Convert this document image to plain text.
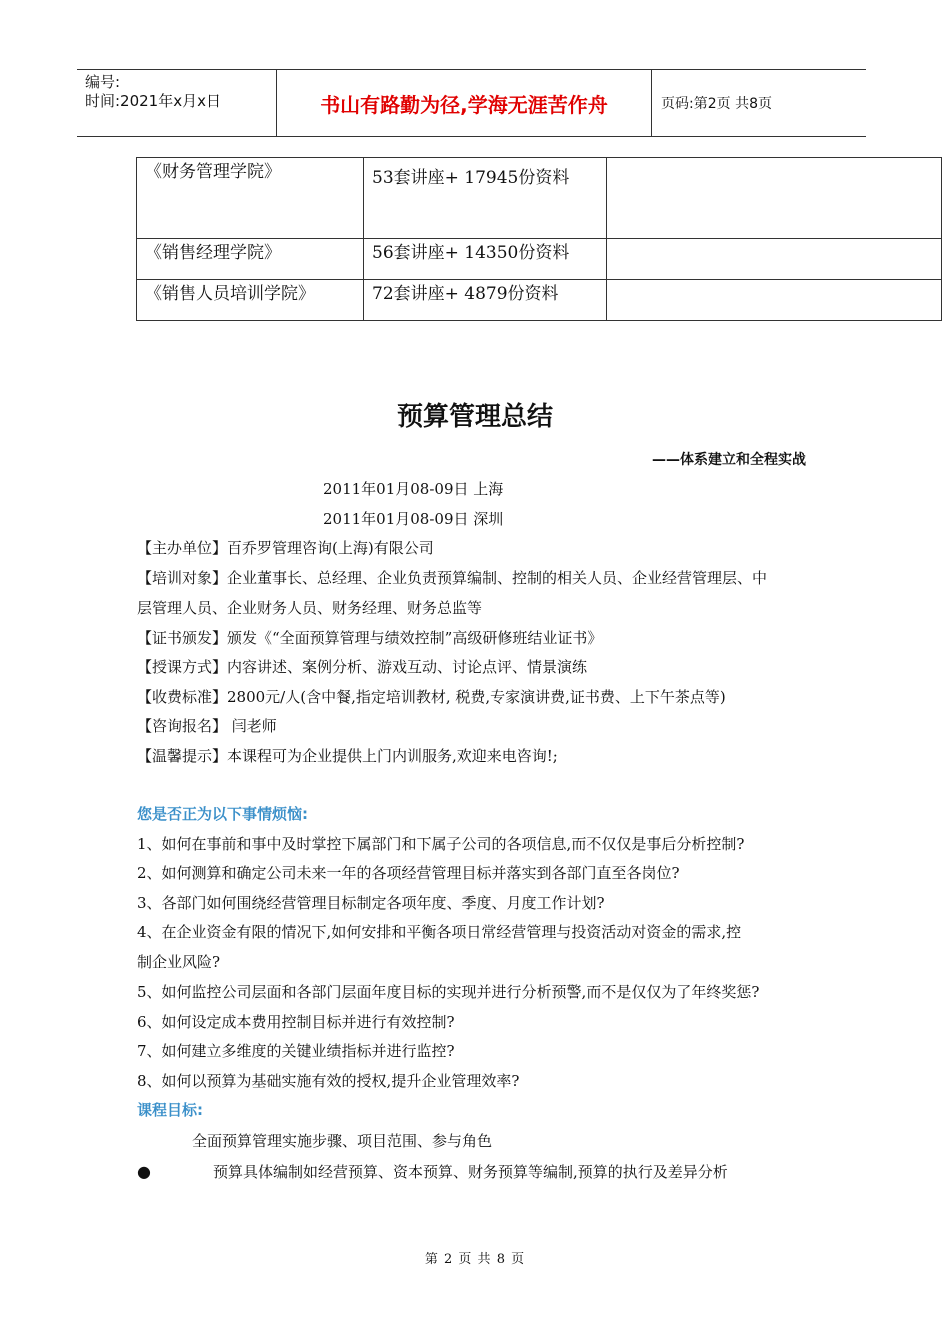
编号:
时间:2021年x月x日	书山有路勤为径,学海无涯苦作舟	页码:第2页 共8页
《财务管理学院》	53套讲座+ 17945份资料	
《销售经理学院》	56套讲座+ 14350份资料	
《销售人员培训学院》	72套讲座+ 4879份资料	
预算管理总结
——体系建立和全程实战
2011年01月08-09日 上海
2011年01月08-09日 深圳
【主办单位】百乔罗管理咨询(上海)有限公司
【培训对象】企业董事长、总经理、企业负责预算编制、控制的相关人员、企业经营管理层、中
层管理人员、企业财务人员、财务经理、财务总监等
【证书颁发】颁发《“全面预算管理与绩效控制”高级研修班结业证书》
【授课方式】内容讲述、案例分析、游戏互动、讨论点评、情景演练
【收费标准】2800元/人(含中餐,指定培训教材, 税费,专家演讲费,证书费、上下午茶点等)
【咨询报名】 闫老师
【温馨提示】本课程可为企业提供上门内训服务,欢迎来电咨询!;
您是否正为以下事情烦恼:
1、如何在事前和事中及时掌控下属部门和下属子公司的各项信息,而不仅仅是事后分析控制?
2、如何测算和确定公司未来一年的各项经营管理目标并落实到各部门直至各岗位?
3、各部门如何围绕经营管理目标制定各项年度、季度、月度工作计划?
4、在企业资金有限的情况下,如何安排和平衡各项日常经营管理与投资活动对资金的需求,控
制企业风险?
5、如何监控公司层面和各部门层面年度目标的实现并进行分析预警,而不是仅仅为了年终奖惩?
6、如何设定成本费用控制目标并进行有效控制?
7、如何建立多维度的关键业绩指标并进行监控?
8、如何以预算为基础实施有效的授权,提升企业管理效率?
课程目标:
全面预算管理实施步骤、项目范围、参与角色
●	预算具体编制如经营预算、资本预算、财务预算等编制,预算的执行及差异分析
第 2 页 共 8 页
